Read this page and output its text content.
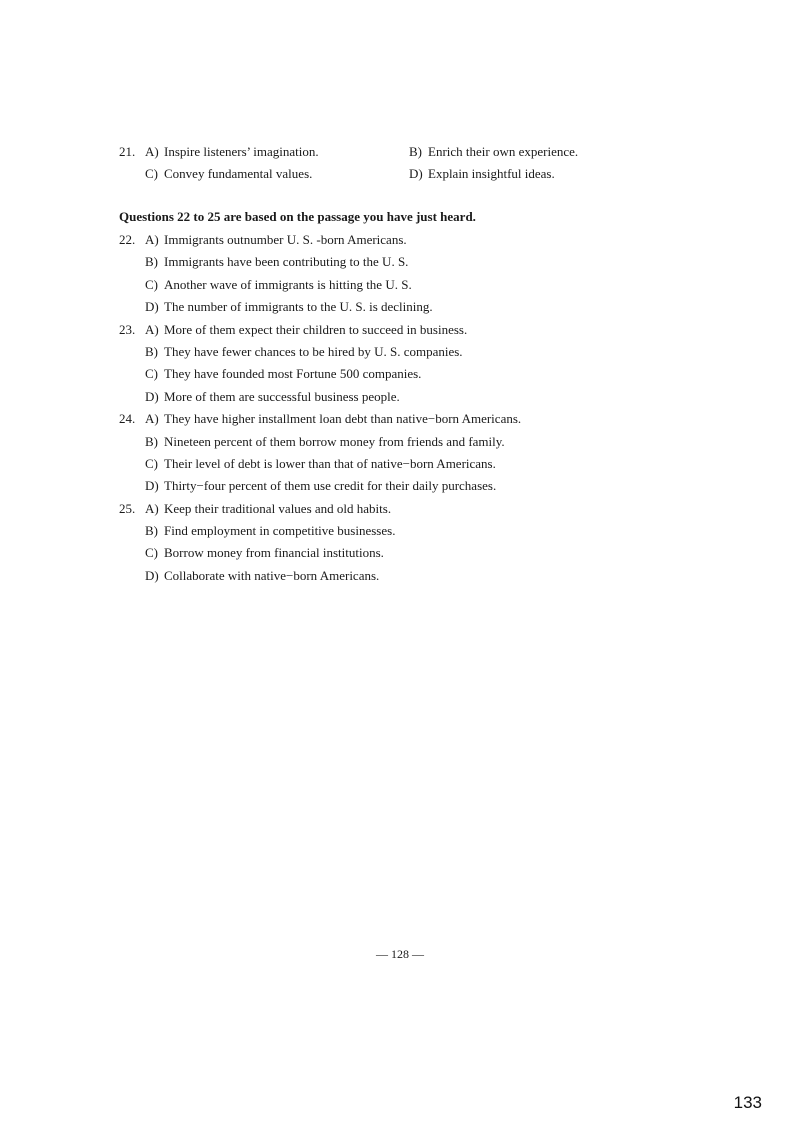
21. A) Inspire listeners’ imagination.	B) Enrich their own experience.
C) Convey fundamental values.	D) Explain insightful ideas.
Questions 22 to 25 are based on the passage you have just heard.
22. A) Immigrants outnumber U. S. -born Americans.
B) Immigrants have been contributing to the U. S.
C) Another wave of immigrants is hitting the U. S.
D) The number of immigrants to the U. S. is declining.
23. A) More of them expect their children to succeed in business.
B) They have fewer chances to be hired by U. S. companies.
C) They have founded most Fortune 500 companies.
D) More of them are successful business people.
24. A) They have higher installment loan debt than native−born Americans.
B) Nineteen percent of them borrow money from friends and family.
C) Their level of debt is lower than that of native−born Americans.
D) Thirty−four percent of them use credit for their daily purchases.
25. A) Keep their traditional values and old habits.
B) Find employment in competitive businesses.
C) Borrow money from financial institutions.
D) Collaborate with native−born Americans.
— 128 —
133
